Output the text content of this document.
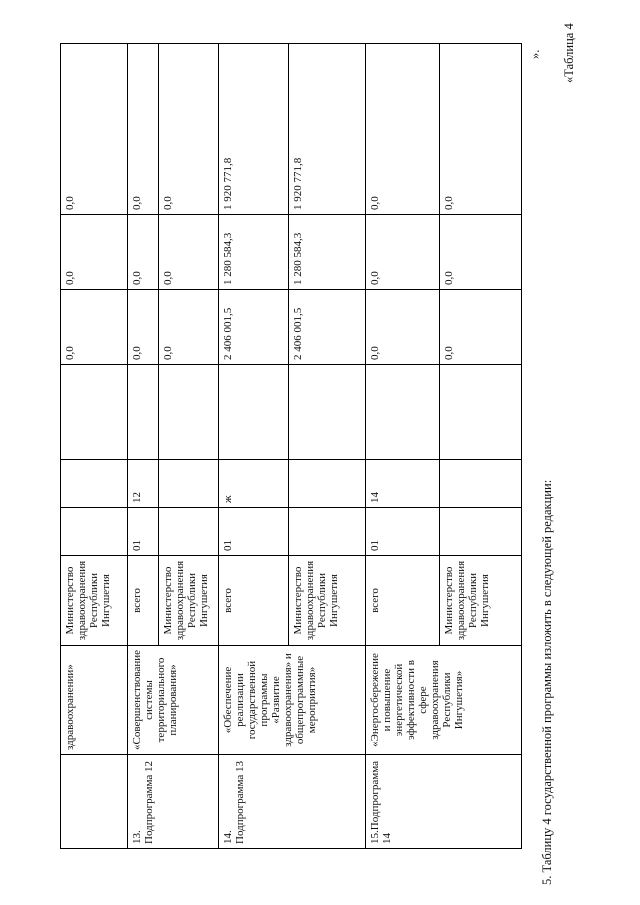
	здравоохранении»	Министерство здравоохранения Республики Ингушетия				0,0	0,0	0,0
13. Подпрограмма 12	«Совершенствование системы территориального планирования»	всего	01	12		0,0	0,0	0,0
		Министерство здравоохранения Республики Ингушетия				0,0	0,0	0,0
14. Подпрограмма 13	«Обеспечение реализации государственной программы «Развитие здравоохранения» и общепрограммные мероприятия»	всего	01	ж		2 406 001,5	1 280 584,3	1 920 771,8
		Министерство здравоохранения Республики Ингушетия				2 406 001,5	1 280 584,3	1 920 771,8
15.Подпрограмма 14	«Энергосбережение и повышение энергетической эффективности в сфере здравоохранения Республики Ингушетия»	всего	01	14		0,0	0,0	0,0
		Министерство здравоохранения Республики Ингушетия				0,0	0,0	0,0
5. Таблицу 4 государственной программы изложить в следующей редакции:
». «Таблица 4
